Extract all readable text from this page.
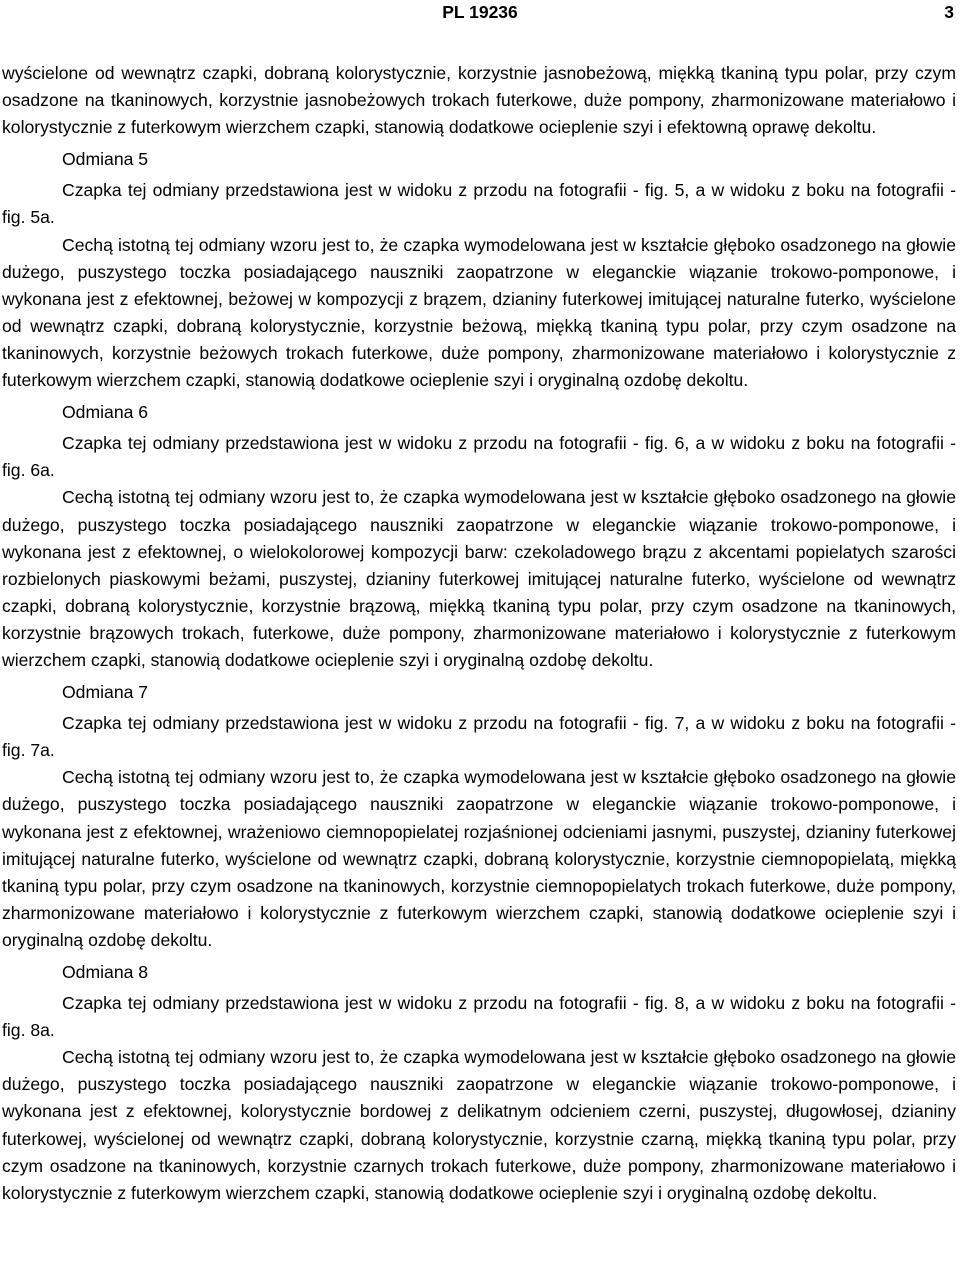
PL 19236	3

wyścielone od wewnątrz czapki, dobraną kolorystycznie, korzystnie jasnobeżową, miękką tkaniną typu polar, przy czym osadzone na tkaninowych, korzystnie jasnobeżowych trokach futerkowe, duże pompony, zharmonizowane materiałowo i kolorystycznie z futerkowym wierzchem czapki, stanowią dodatkowe ocieplenie szyi i efektowną oprawę dekoltu.

Odmiana 5

Czapka tej odmiany przedstawiona jest w widoku z przodu na fotografii - fig. 5, a w widoku z boku na fotografii - fig. 5a.

Cechą istotną tej odmiany wzoru jest to, że czapka wymodelowana jest w kształcie głęboko osadzonego na głowie dużego, puszystego toczka posiadającego nauszniki zaopatrzone w eleganckie wiązanie trokowo-pomponowe, i wykonana jest z efektownej, beżowej w kompozycji z brązem, dzianiny futerkowej imitującej naturalne futerko, wyścielone od wewnątrz czapki, dobraną kolorystycznie, korzystnie beżową, miękką tkaniną typu polar, przy czym osadzone na tkaninowych, korzystnie beżowych trokach futerkowe, duże pompony, zharmonizowane materiałowo i kolorystycznie z futerkowym wierzchem czapki, stanowią dodatkowe ocieplenie szyi i oryginalną ozdobę dekoltu.

Odmiana 6

Czapka tej odmiany przedstawiona jest w widoku z przodu na fotografii - fig. 6, a w widoku z boku na fotografii - fig. 6a.

Cechą istotną tej odmiany wzoru jest to, że czapka wymodelowana jest w kształcie głęboko osadzonego na głowie dużego, puszystego toczka posiadającego nauszniki zaopatrzone w eleganckie wiązanie trokowo-pomponowe, i wykonana jest z efektownej, o wielokolorowej kompozycji barw: czekoladowego brązu z akcentami popielatych szarości rozbielonych piaskowymi beżami, puszystej, dzianiny futerkowej imitującej naturalne futerko, wyścielone od wewnątrz czapki, dobraną kolorystycznie, korzystnie brązową, miękką tkaniną typu polar, przy czym osadzone na tkaninowych, korzystnie brązowych trokach, futerkowe, duże pompony, zharmonizowane materiałowo i kolorystycznie z futerkowym wierzchem czapki, stanowią dodatkowe ocieplenie szyi i oryginalną ozdobę dekoltu.

Odmiana 7

Czapka tej odmiany przedstawiona jest w widoku z przodu na fotografii - fig. 7, a w widoku z boku na fotografii - fig. 7a.

Cechą istotną tej odmiany wzoru jest to, że czapka wymodelowana jest w kształcie głęboko osadzonego na głowie dużego, puszystego toczka posiadającego nauszniki zaopatrzone w eleganckie wiązanie trokowo-pomponowe, i wykonana jest z efektownej, wrażeniowo ciemnopopielatej rozjaśnionej odcieniami jasnymi, puszystej, dzianiny futerkowej imitującej naturalne futerko, wyścielone od wewnątrz czapki, dobraną kolorystycznie, korzystnie ciemnopopielatą, miękką tkaniną typu polar, przy czym osadzone na tkaninowych, korzystnie ciemnopopielatych trokach futerkowe, duże pompony, zharmonizowane materiałowo i kolorystycznie z futerkowym wierzchem czapki, stanowią dodatkowe ocieplenie szyi i oryginalną ozdobę dekoltu.

Odmiana 8

Czapka tej odmiany przedstawiona jest w widoku z przodu na fotografii - fig. 8, a w widoku z boku na fotografii - fig. 8a.

Cechą istotną tej odmiany wzoru jest to, że czapka wymodelowana jest w kształcie głęboko osadzonego na głowie dużego, puszystego toczka posiadającego nauszniki zaopatrzone w eleganckie wiązanie trokowo-pomponowe, i wykonana jest z efektownej, kolorystycznie bordowej z delikatnym odcieniem czerni, puszystej, długowłosej, dzianiny futerkowej, wyścielonej od wewnątrz czapki, dobraną kolorystycznie, korzystnie czarną, miękką tkaniną typu polar, przy czym osadzone na tkaninowych, korzystnie czarnych trokach futerkowe, duże pompony, zharmonizowane materiałowo i kolorystycznie z futerkowym wierzchem czapki, stanowią dodatkowe ocieplenie szyi i oryginalną ozdobę dekoltu.
